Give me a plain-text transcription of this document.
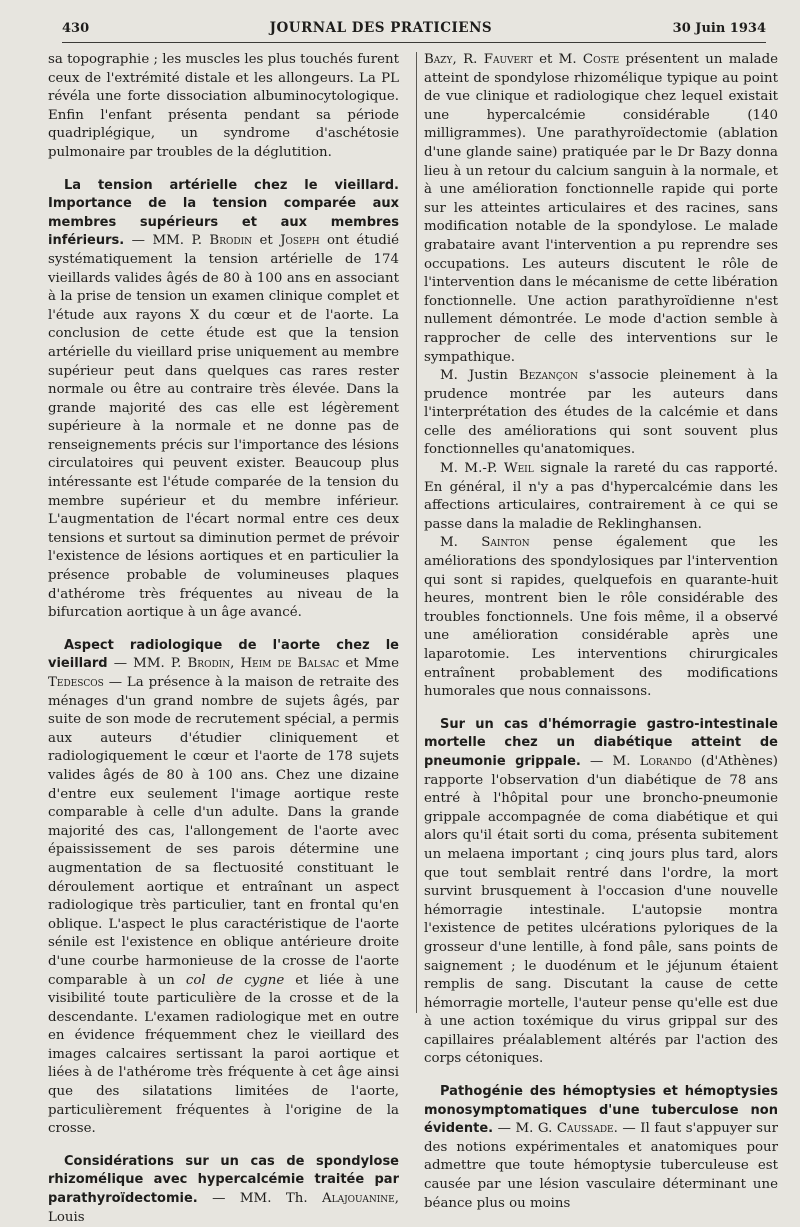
430	JOURNAL DES PRATICIENS	30 Juin 1934

sa topographie ; les muscles les plus touchés furent ceux de l'extrémité distale et les allongeurs. La PL révéla une forte dissociation albuminocytologique. Enfin l'enfant présenta pendant sa période quadriplégique, un syndrome d'aschétosie pulmonaire par troubles de la déglutition.

La tension artérielle chez le vieillard. Importance de la tension comparée aux membres supérieurs et aux membres inférieurs. — MM. P. Brodin et Joseph ont étudié systématiquement la tension artérielle de 174 vieillards valides âgés de 80 à 100 ans en associant à la prise de tension un examen clinique complet et l'étude aux rayons X du cœur et de l'aorte. La conclusion de cette étude est que la tension artérielle du vieillard prise uniquement au membre supérieur peut dans quelques cas rares rester normale ou être au contraire très élevée. Dans la grande majorité des cas elle est légèrement supérieure à la normale et ne donne pas de renseignements précis sur l'importance des lésions circulatoires qui peuvent exister. Beaucoup plus intéressante est l'étude comparée de la tension du membre supérieur et du membre inférieur. L'augmentation de l'écart normal entre ces deux tensions et surtout sa diminution permet de prévoir l'existence de lésions aortiques et en particulier la présence probable de volumineuses plaques d'athérome très fréquentes au niveau de la bifurcation aortique à un âge avancé.

Aspect radiologique de l'aorte chez le vieillard — MM. P. Brodin, Heim de Balsac et Mme Tedescos — La présence à la maison de retraite des ménages d'un grand nombre de sujets âgés, par suite de son mode de recrutement spécial, a permis aux auteurs d'étudier cliniquement et radiologiquement le cœur et l'aorte de 178 sujets valides âgés de 80 à 100 ans. Chez une dizaine d'entre eux seulement l'image aortique reste comparable à celle d'un adulte. Dans la grande majorité des cas, l'allongement de l'aorte avec épaississement de ses parois détermine une augmentation de sa flectuosité constituant le déroulement aortique et entraînant un aspect radiologique très particulier, tant en frontal qu'en oblique. L'aspect le plus caractéristique de l'aorte sénile est l'existence en oblique antérieure droite d'une courbe harmonieuse de la crosse de l'aorte comparable à un col de cygne et liée à une visibilité toute particulière de la crosse et de la descendante. L'examen radiologique met en outre en évidence fréquemment chez le vieillard des images calcaires sertissant la paroi aortique et liées à de l'athérome très fréquente à cet âge ainsi que des silatations limitées de l'aorte, particulièrement fréquentes à l'origine de la crosse.

Considérations sur un cas de spondylose rhizomélique avec hypercalcémie traitée par parathyroïdectomie. — MM. Th. Alajouanine, Louis

Bazy, R. Fauvert et M. Coste présentent un malade atteint de spondylose rhizomélique typique au point de vue clinique et radiologique chez lequel existait une hypercalcémie considérable (140 milligrammes). Une parathyroïdectomie (ablation d'une glande saine) pratiquée par le Dr Bazy donna lieu à un retour du calcium sanguin à la normale, et à une amélioration fonctionnelle rapide qui porte sur les atteintes articulaires et des racines, sans modification notable de la spondylose. Le malade grabataire avant l'intervention a pu reprendre ses occupations. Les auteurs discutent le rôle de l'intervention dans le mécanisme de cette libération fonctionnelle. Une action parathyroïdienne n'est nullement démontrée. Le mode d'action semble à rapprocher de celle des interventions sur le sympathique.

M. Justin Bezançon s'associe pleinement à la prudence montrée par les auteurs dans l'interprétation des études de la calcémie et dans celle des améliorations qui sont souvent plus fonctionnelles qu'anatomiques.

M. M.-P. Weil signale la rareté du cas rapporté. En général, il n'y a pas d'hypercalcémie dans les affections articulaires, contrairement à ce qui se passe dans la maladie de Reklinghansen.

M. Sainton pense également que les améliorations des spondylosiques par l'intervention qui sont si rapides, quelquefois en quarante-huit heures, montrent bien le rôle considérable des troubles fonctionnels. Une fois même, il a observé une amélioration considérable après une laparotomie. Les interventions chirurgicales entraînent probablement des modifications humorales que nous connaissons.

Sur un cas d'hémorragie gastro-intestinale mortelle chez un diabétique atteint de pneumonie grippale. — M. Lorando (d'Athènes) rapporte l'observation d'un diabétique de 78 ans entré à l'hôpital pour une broncho-pneumonie grippale accompagnée de coma diabétique et qui alors qu'il était sorti du coma, présenta subitement un melaena important ; cinq jours plus tard, alors que tout semblait rentré dans l'ordre, la mort survint brusquement à l'occasion d'une nouvelle hémorragie intestinale. L'autopsie montra l'existence de petites ulcérations pyloriques de la grosseur d'une lentille, à fond pâle, sans points de saignement ; le duodénum et le jéjunum étaient remplis de sang. Discutant la cause de cette hémorragie mortelle, l'auteur pense qu'elle est due à une action toxémique du virus grippal sur des capillaires préalablement altérés par l'action des corps cétoniques.

Pathogénie des hémoptysies et hémoptysies monosymptomatiques d'une tuberculose non évidente. — M. G. Caussade. — Il faut s'appuyer sur des notions expérimentales et anatomiques pour admettre que toute hémoptysie tuberculeuse est causée par une lésion vasculaire déterminant une béance plus ou moins
